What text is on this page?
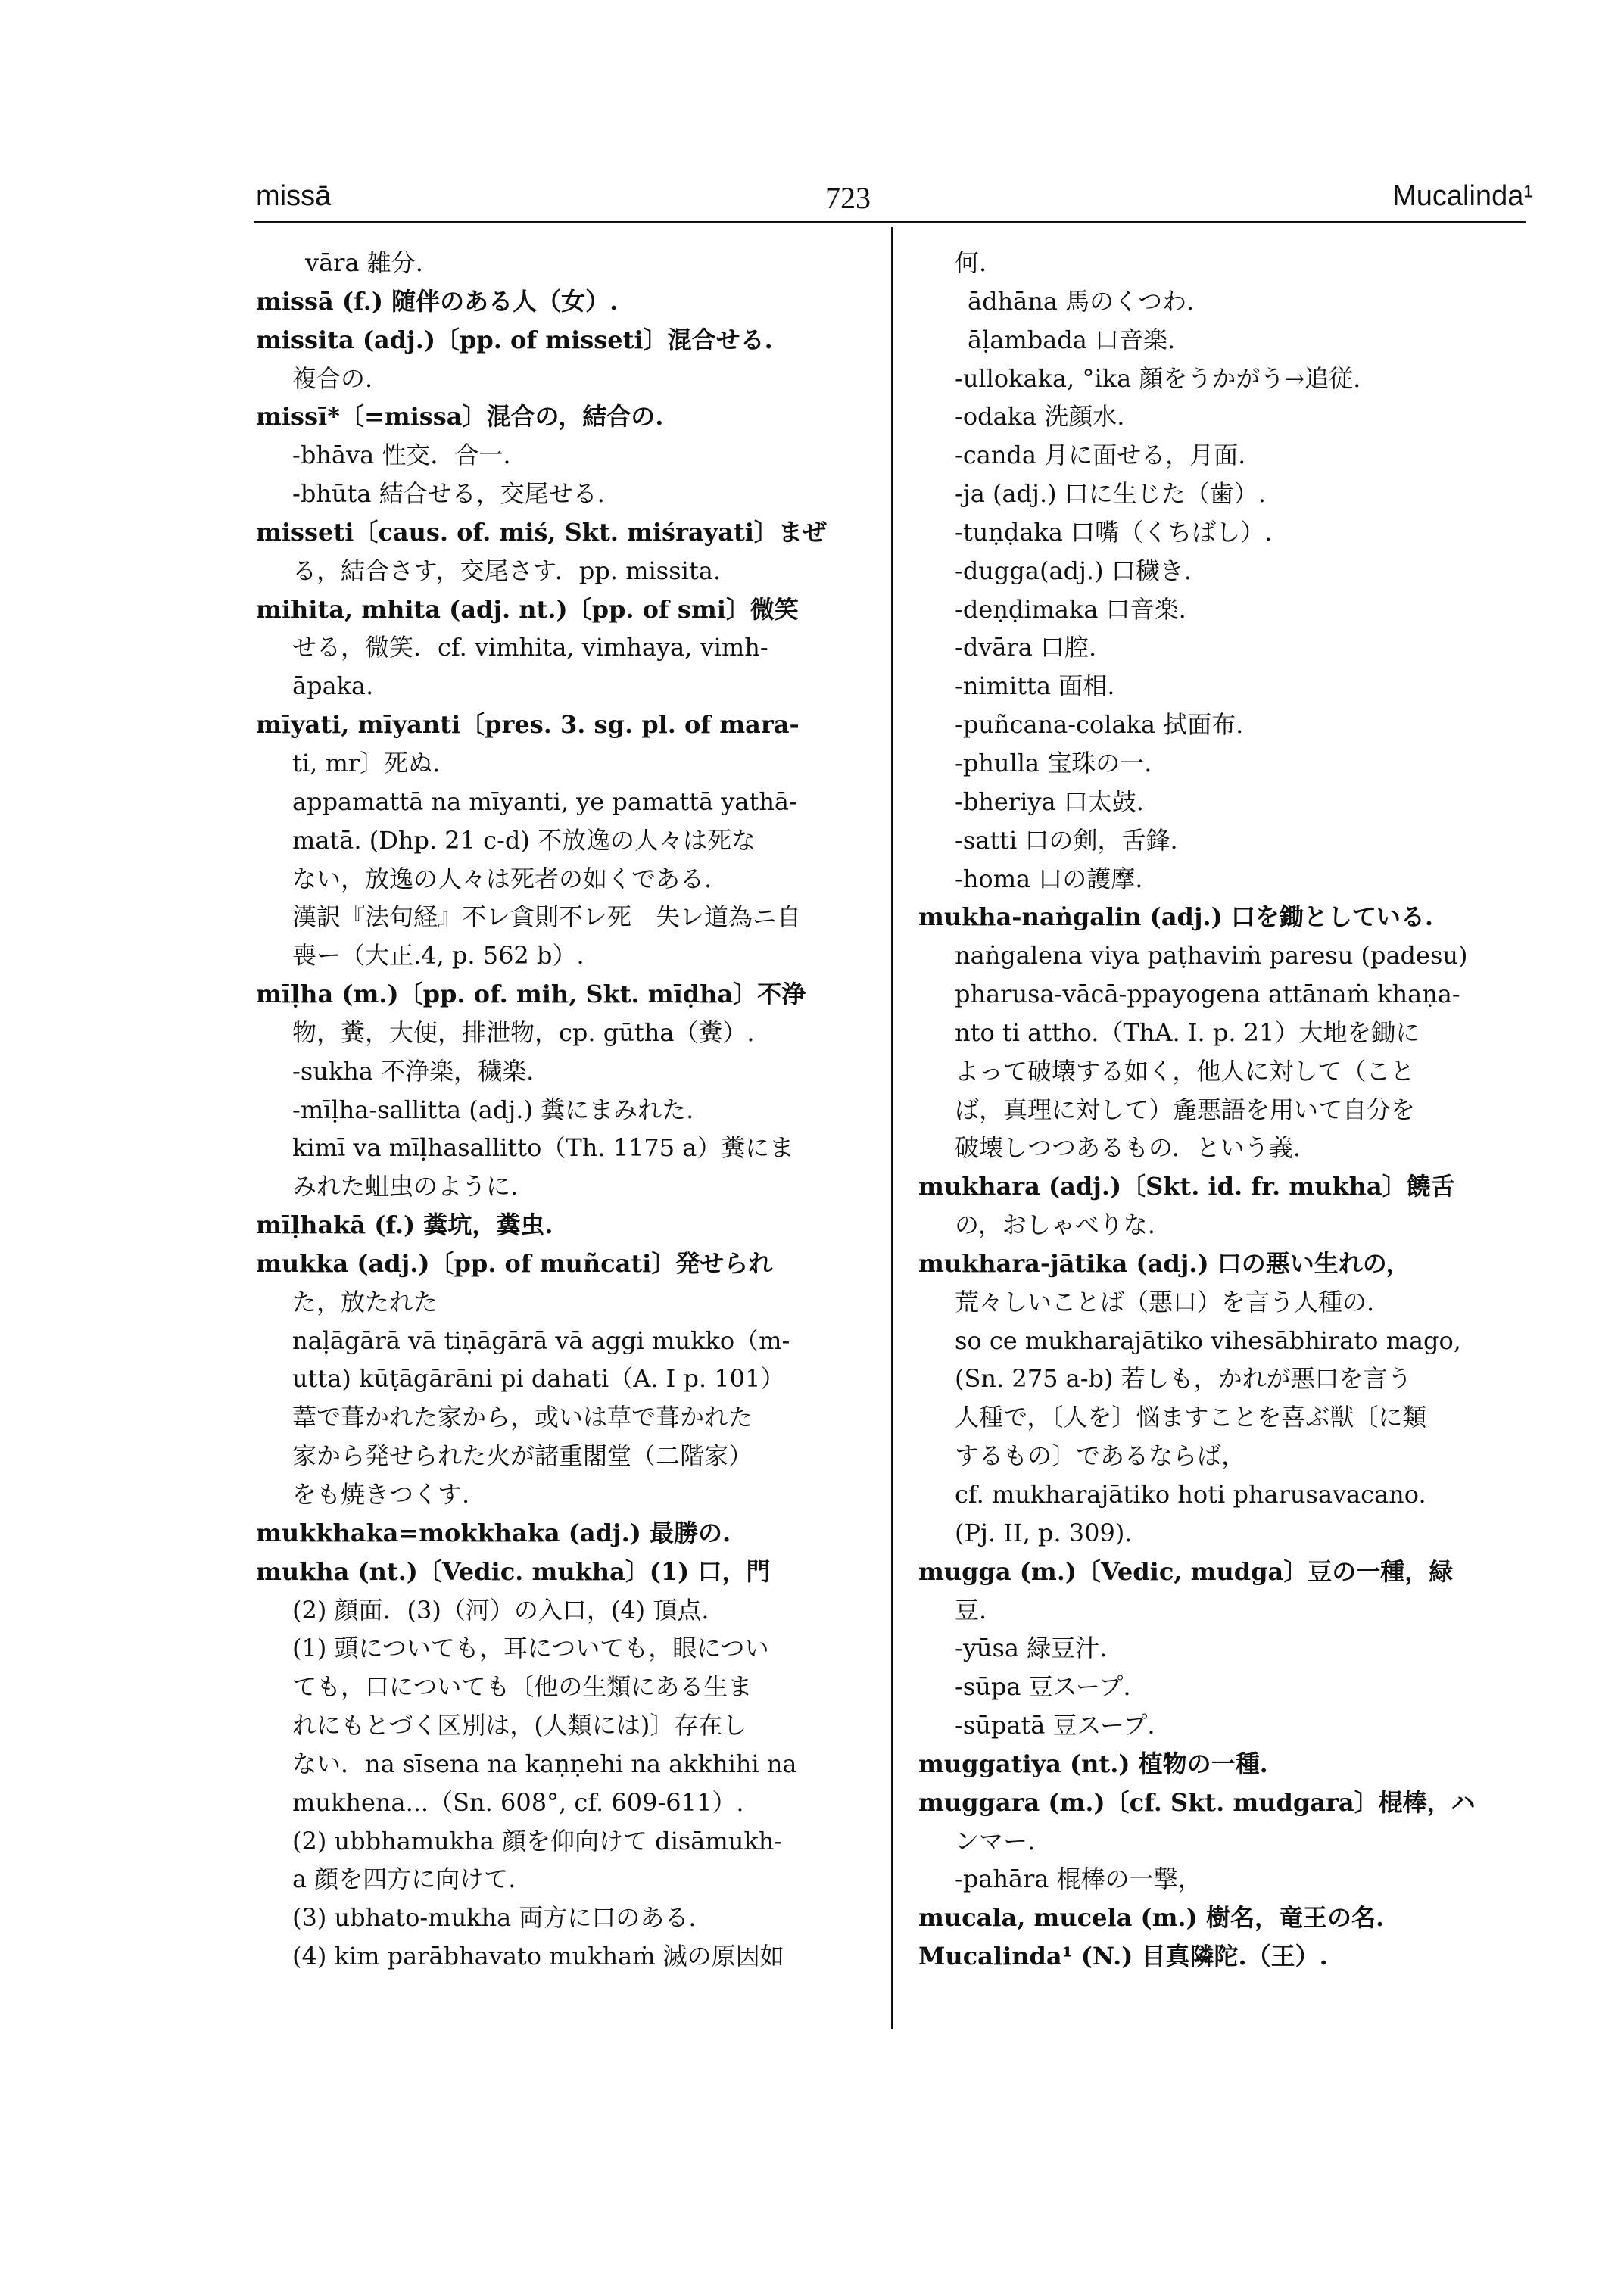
missā	723	Mucalinda¹
vāra 雑分.
missā (f.) 随伴のある人（女）.
missita (adj.)〔pp. of misseti〕混合せる.
複合の.
missī*〔=missa〕混合の，結合の.
-bhāva 性交．合一.
-bhūta 結合せる，交尾せる.
misseti〔caus. of. miś, Skt. miśrayati〕まぜ
る，結合さす，交尾さす．pp. missita.
mihita, mhita (adj. nt.)〔pp. of smi〕微笑
せる，微笑．cf. vimhita, vimhaya, vimh-
āpaka.
mīyati, mīyanti〔pres. 3. sg. pl. of mara-
ti, mr〕死ぬ.
appamattā na mīyanti, ye pamattā yathā-
matā. (Dhp. 21 c-d) 不放逸の人々は死な
ない，放逸の人々は死者の如くである.
漢訳『法句経』不レ貪則不レ死　失レ道為ニ自
喪ー（大正.4, p. 562 b）.
mīḷha (m.)〔pp. of. mih, Skt. mīḍha〕不浄
物，糞，大便，排泄物，cp. gūtha（糞）.
-sukha 不浄楽，穢楽.
-mīḷha-sallitta (adj.) 糞にまみれた.
kimī va mīḷhasallitto（Th. 1175 a）糞にま
みれた蛆虫のように.
mīḷhakā (f.) 糞坑，糞虫.
mukka (adj.)〔pp. of muñcati〕発せられ
た，放たれた
naḷāgārā vā tiṇāgārā vā aggi mukko（m-
utta) kūṭāgārāni pi dahati（A. I p. 101）
葦で葺かれた家から，或いは草で葺かれた
家から発せられた火が諸重閣堂（二階家）
をも焼きつくす.
mukkhaka=mokkhaka (adj.) 最勝の.
mukha (nt.)〔Vedic. mukha〕(1) 口，門
(2) 顔面．(3)（河）の入口，(4) 頂点.
(1) 頭についても，耳についても，眼につい
ても，口についても〔他の生類にある生ま
れにもとづく区別は，(人類には)〕存在し
ない．na sīsena na kaṇṇehi na akkhihi na
mukhena...（Sn. 608°, cf. 609-611）.
(2) ubbhamukha 顔を仰向けて disāmukh-
a 顔を四方に向けて.
(3) ubhato-mukha 両方に口のある.
(4) kim parābhavato mukhaṁ 滅の原因如
何.
ādhāna 馬のくつわ.
āḷambada 口音楽.
-ullokaka, °ika 顔をうかがう→追従.
-odaka 洗顔水.
-canda 月に面せる，月面.
-ja (adj.) 口に生じた（歯）.
-tuṇḍaka 口嘴（くちばし）.
-dugga(adj.) 口穢き.
-deṇḍimaka 口音楽.
-dvāra 口腔.
-nimitta 面相.
-puñcana-colaka 拭面布.
-phulla 宝珠の一.
-bheriya 口太鼓.
-satti 口の剣，舌鋒.
-homa 口の護摩.
mukha-naṅgalin (adj.) 口を鋤としている.
naṅgalena viya paṭhaviṁ paresu (padesu)
pharusa-vācā-ppayogena attānaṁ khaṇa-
nto ti attho.（ThA. I. p. 21）大地を鋤に
よって破壊する如く，他人に対して（こと
ば，真理に対して）麁悪語を用いて自分を
破壊しつつあるもの．という義.
mukhara (adj.)〔Skt. id. fr. mukha〕饒舌
の，おしゃべりな.
mukhara-jātika (adj.) 口の悪い生れの，
荒々しいことば（悪口）を言う人種の.
so ce mukharajātiko vihesābhirato mago,
(Sn. 275 a-b) 若しも，かれが悪口を言う
人種で，〔人を〕悩ますことを喜ぶ獣〔に類
するもの〕であるならば，
cf. mukharajātiko hoti pharusavacano.
(Pj. II, p. 309).
mugga (m.)〔Vedic, mudga〕豆の一種，緑
豆.
-yūsa 緑豆汁.
-sūpa 豆スープ.
-sūpatā 豆スープ.
muggatiya (nt.) 植物の一種.
muggara (m.)〔cf. Skt. mudgara〕棍棒，ハ
ンマー.
-pahāra 棍棒の一撃，
mucala, mucela (m.) 樹名，竜王の名.
Mucalinda¹ (N.) 目真隣陀.（王）.
